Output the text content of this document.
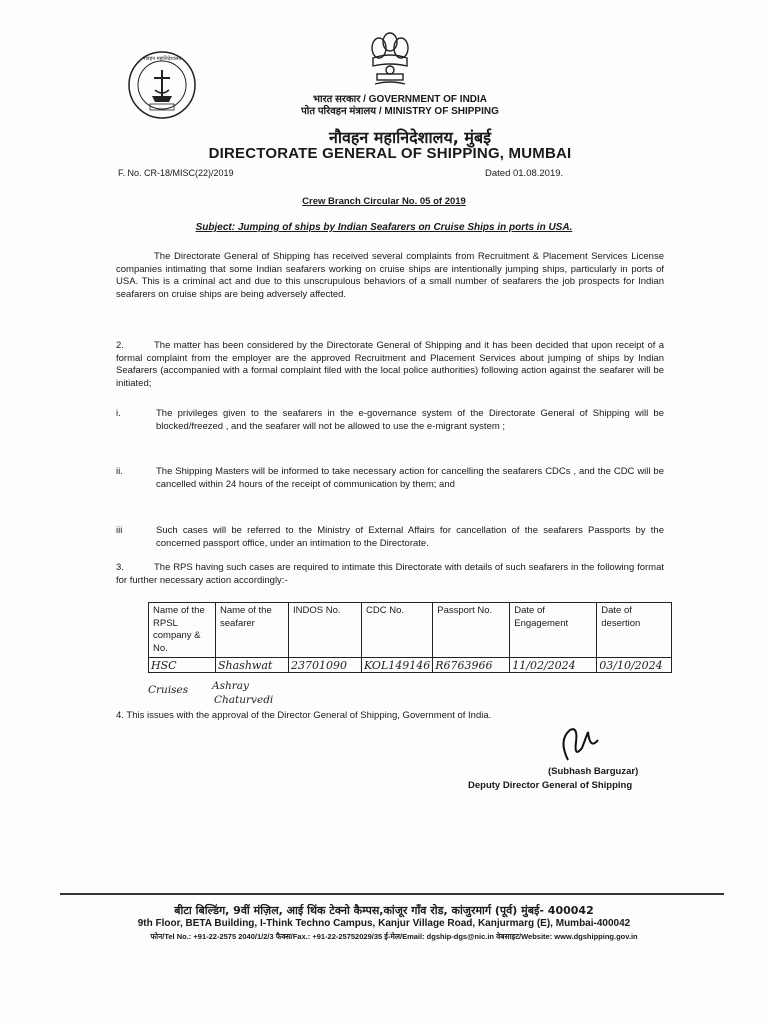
नौवहन महानिदेशालय
भारत सरकार / GOVERNMENT OF INDIA
पोत परिवहन मंत्रालय / MINISTRY OF SHIPPING
नौवहन महानिदेशालय, मुंबई
DIRECTORATE GENERAL OF SHIPPING, MUMBAI
F. No. CR-18/MISC(22)/2019	Dated 01.08.2019.
Crew Branch Circular No. 05 of 2019
Subject: Jumping of ships by Indian Seafarers on Cruise Ships in ports in USA.
The Directorate General of Shipping has received several complaints from Recruitment & Placement Services License companies intimating that some Indian seafarers working on cruise ships are intentionally jumping ships, particularly in ports of USA. This is a criminal act and due to this unscrupulous behaviors of a small number of seafarers the job prospects for Indian seafarers on cruise ships are being adversely affected.
2.	The matter has been considered by the Directorate General of Shipping and it has been decided that upon receipt of a formal complaint from the employer are the approved Recruitment and Placement Services about jumping of ships by Indian Seafarers (accompanied with a formal complaint filed with the local police authorities) following action against the seafarer will be initiated;
i.	The privileges given to the seafarers in the e-governance system of the Directorate General of Shipping will be blocked/freezed , and the seafarer will not be allowed to use the e-migrant system ;
ii.	The Shipping Masters will be informed to take necessary action for cancelling the seafarers CDCs , and the CDC will be cancelled within 24 hours of the receipt of communication by them; and
iii	Such cases will be referred to the Ministry of External Affairs for cancellation of the seafarers Passports by the concerned passport office, under an intimation to the Directorate.
3.	The RPS having such cases are required to intimate this Directorate with details of such seafarers in the following format for further necessary action accordingly:-
Name of the RPSL company & No.	Name of the seafarer	INDOS No.	CDC No.	Passport No.	Date of Engagement	Date of desertion
HSC	Shashwat	23701090	KOL149146	R6763966	11/02/2024	03/10/2024
Cruises Ashray
Chaturvedi
4. This issues with the approval of the Director General of Shipping, Government of India.
(Subhash Barguzar)
Deputy Director General of Shipping
बीटा बिल्डिंग, 9वीं मंज़िल, आई थिंक टेक्नो कैम्पस,कांजूर गाँव रोड, कांजुरमार्ग (पूर्व) मुंबई- 400042
9th Floor, BETA Building, I-Think Techno Campus, Kanjur Village Road, Kanjurmarg (E), Mumbai-400042
फोन/Tel No.: +91-22-2575 2040/1/2/3 फैक्स/Fax.: +91-22-25752029/35 ई-मेल/Email: dgship-dgs@nic.in वेबसाइट/Website: www.dgshipping.gov.in
